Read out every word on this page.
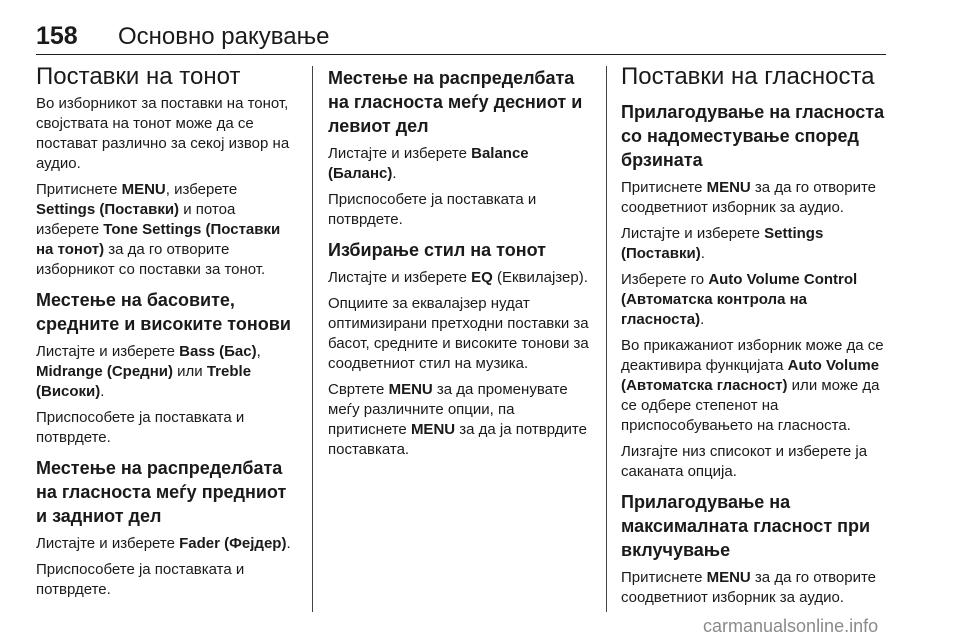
158 Основно ракување
Поставки на тонот

Во изборникот за поставки на тонот, својствата на тонот може да се постават различно за секој извор на аудио.

Притиснете MENU, изберете Settings (Поставки) и потоа изберете Tone Settings (Поставки на тонот) за да го отворите изборникот со поставки за тонот.

Местење на басовите, средните и високите тонови

Листајте и изберете Bass (Бас), Midrange (Средни) или Treble (Високи).

Приспособете ја поставката и потврдете.

Местење на распределбата на гласноста меѓу предниот и задниот дел

Листајте и изберете Fader (Фејдер).

Приспособете ја поставката и потврдете.

Местење на распределбата на гласноста меѓу десниот и левиот дел

Листајте и изберете Balance (Баланс).

Приспособете ја поставката и потврдете.

Избирање стил на тонот

Листајте и изберете EQ (Еквилајзер).

Опциите за еквалајзер нудат оптимизирани претходни поставки за басот, средните и високите тонови за соодветниот стил на музика.

Свртете MENU за да променувате меѓу различните опции, па притиснете MENU за да ја потврдите поставката.

Поставки на гласноста
Прилагодување на гласноста со надоместување според брзината

Притиснете MENU за да го отворите соодветниот изборник за аудио.

Листајте и изберете Settings (Поставки).

Изберете го Auto Volume Control (Автоматска контрола на гласноста).

Во прикажаниот изборник може да се деактивира функцијата Auto Volume (Автоматска гласност) или може да се одбере степенот на приспособувањето на гласноста.

Лизгајте низ списокот и изберете ја саканата опција.

Прилагодување на максималната гласност при вклучување

Притиснете MENU за да го отворите соодветниот изборник за аудио.

carmanualsonline.info
